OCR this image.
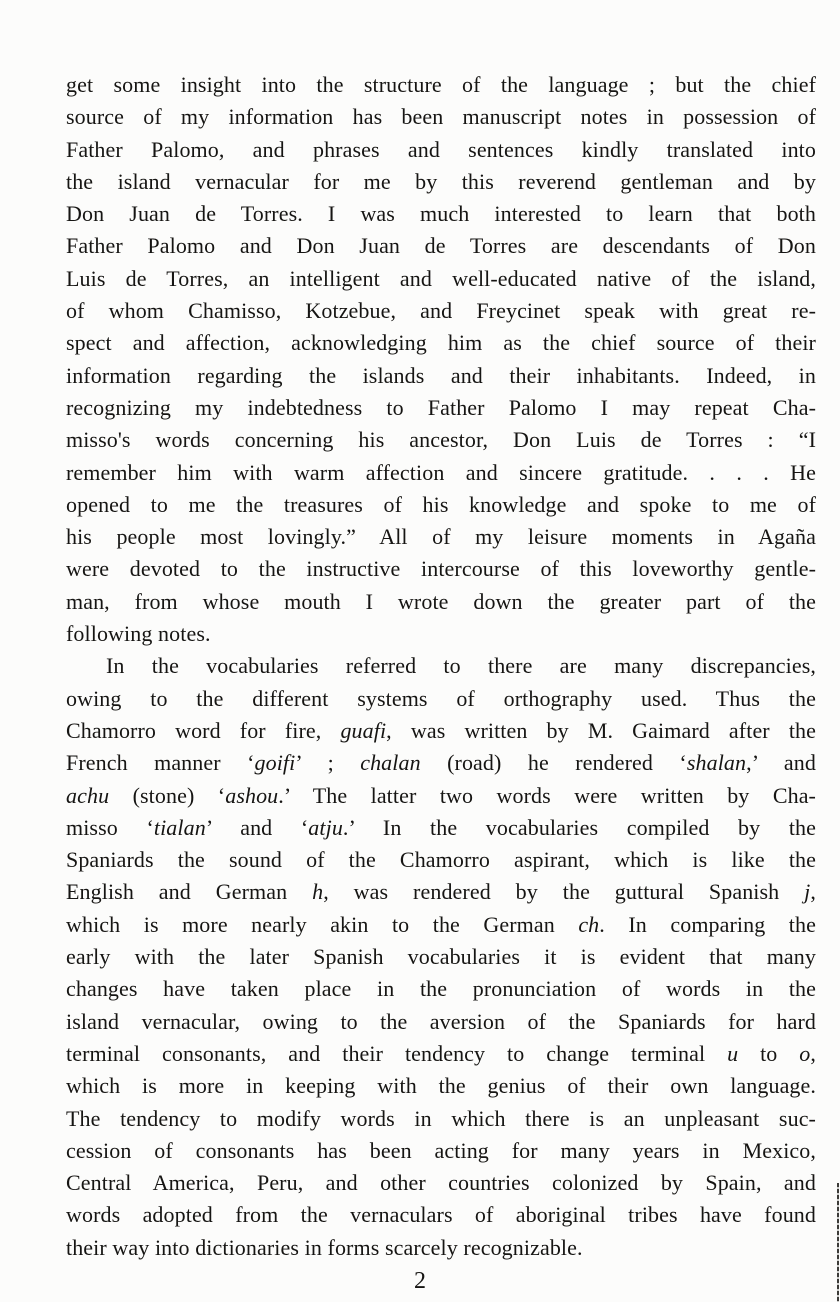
get some insight into the structure of the language ; but the chief
source of my information has been manuscript notes in possession of
Father Palomo, and phrases and sentences kindly translated into
the island vernacular for me by this reverend gentleman and by
Don Juan de Torres. I was much interested to learn that both
Father Palomo and Don Juan de Torres are descendants of Don
Luis de Torres, an intelligent and well-educated native of the island,
of whom Chamisso, Kotzebue, and Freycinet speak with great re-
spect and affection, acknowledging him as the chief source of their
information regarding the islands and their inhabitants. Indeed, in
recognizing my indebtedness to Father Palomo I may repeat Cha-
misso's words concerning his ancestor, Don Luis de Torres : “I
remember him with warm affection and sincere gratitude. . . . He
opened to me the treasures of his knowledge and spoke to me of
his people most lovingly.” All of my leisure moments in Agaña
were devoted to the instructive intercourse of this loveworthy gentle-
man, from whose mouth I wrote down the greater part of the
following notes.
In the vocabularies referred to there are many discrepancies,
owing to the different systems of orthography used. Thus the
Chamorro word for fire, guafi, was written by M. Gaimard after the
French manner ‘goifi’ ; chalan (road) he rendered ‘shalan,’ and
achu (stone) ‘ashou.’ The latter two words were written by Cha-
misso ‘tialan’ and ‘atju.’ In the vocabularies compiled by the
Spaniards the sound of the Chamorro aspirant, which is like the
English and German h, was rendered by the guttural Spanish j,
which is more nearly akin to the German ch. In comparing the
early with the later Spanish vocabularies it is evident that many
changes have taken place in the pronunciation of words in the
island vernacular, owing to the aversion of the Spaniards for hard
terminal consonants, and their tendency to change terminal u to o,
which is more in keeping with the genius of their own language.
The tendency to modify words in which there is an unpleasant suc-
cession of consonants has been acting for many years in Mexico,
Central America, Peru, and other countries colonized by Spain, and
words adopted from the vernaculars of aboriginal tribes have found
their way into dictionaries in forms scarcely recognizable.
2
